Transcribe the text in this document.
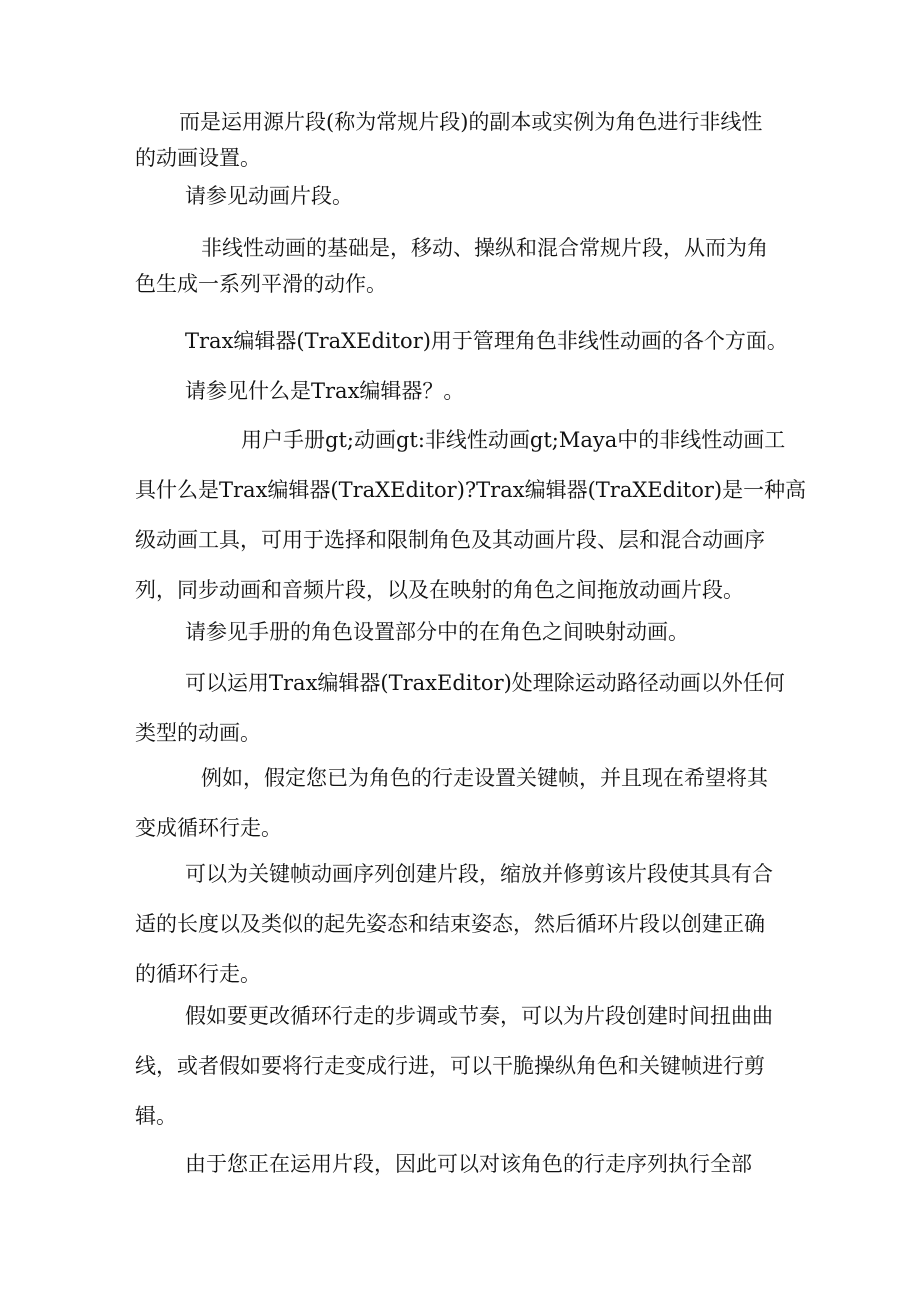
而是运用源片段(称为常规片段)的副本或实例为角色进行非线性
的动画设置。

请参见动画片段。

非线性动画的基础是，移动、操纵和混合常规片段，从而为角
色生成一系列平滑的动作。

Trax编辑器(TraXEditor)用于管理角色非线性动画的各个方面。

请参见什么是Trax编辑器？。

用户手册gt;动画gt:非线性动画gt;Maya中的非线性动画工
具什么是Trax编辑器(TraXEditor)?Trax编辑器(TraXEditor)是一种高
级动画工具，可用于选择和限制角色及其动画片段、层和混合动画序
列，同步动画和音频片段，以及在映射的角色之间拖放动画片段。

请参见手册的角色设置部分中的在角色之间映射动画。

可以运用Trax编辑器(TraxEditor)处理除运动路径动画以外任何
类型的动画。

例如，假定您已为角色的行走设置关键帧，并且现在希望将其
变成循环行走。

可以为关键帧动画序列创建片段，缩放并修剪该片段使其具有合
适的长度以及类似的起先姿态和结束姿态，然后循环片段以创建正确
的循环行走。

假如要更改循环行走的步调或节奏，可以为片段创建时间扭曲曲
线，或者假如要将行走变成行进，可以干脆操纵角色和关键帧进行剪
辑。

由于您正在运用片段，因此可以对该角色的行走序列执行全部
